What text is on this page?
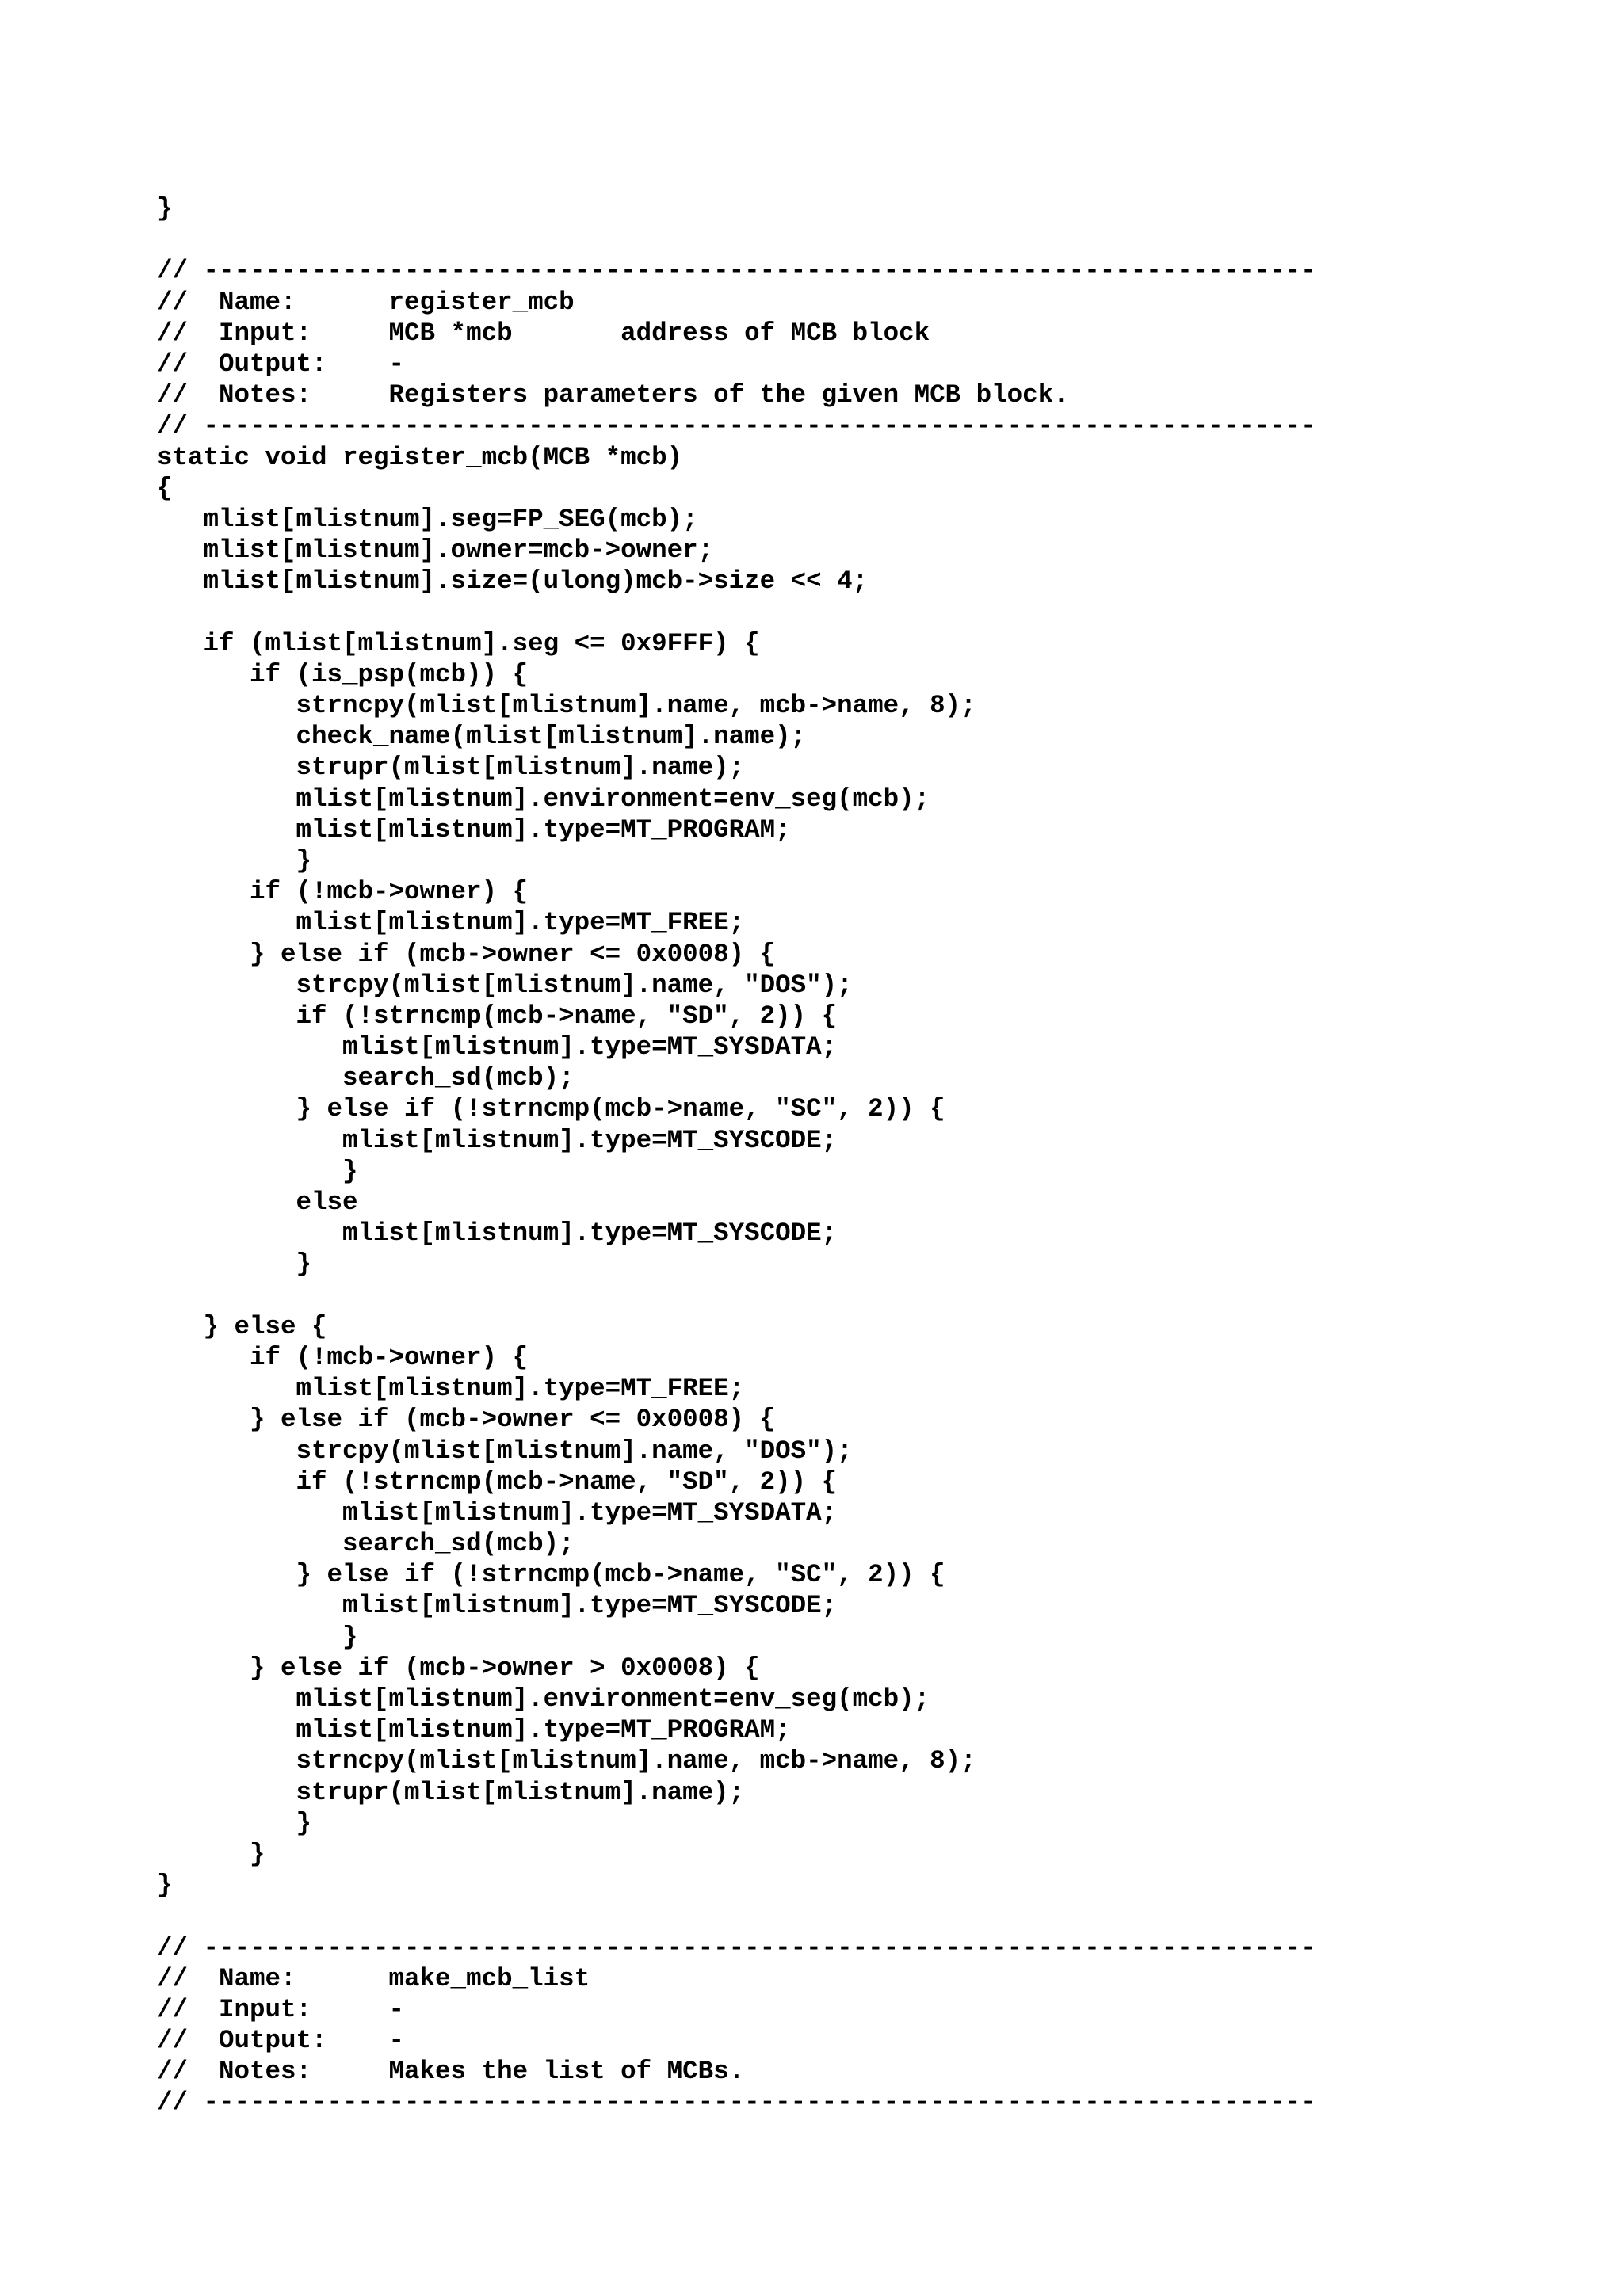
}
// ------------------------------------------------------------------------
//  Name:      register_mcb
//  Input:     MCB *mcb       address of MCB block
//  Output:    -
//  Notes:     Registers parameters of the given MCB block.
// ------------------------------------------------------------------------
static void register_mcb(MCB *mcb)
{
mlist[mlistnum].seg=FP_SEG(mcb);
mlist[mlistnum].owner=mcb->owner;
mlist[mlistnum].size=(ulong)mcb->size << 4;
if (mlist[mlistnum].seg <= 0x9FFF) {
if (is_psp(mcb)) {
strncpy(mlist[mlistnum].name, mcb->name, 8);
check_name(mlist[mlistnum].name);
strupr(mlist[mlistnum].name);
mlist[mlistnum].environment=env_seg(mcb);
mlist[mlistnum].type=MT_PROGRAM;
}
if (!mcb->owner) {
mlist[mlistnum].type=MT_FREE;
} else if (mcb->owner <= 0x0008) {
strcpy(mlist[mlistnum].name, "DOS");
if (!strncmp(mcb->name, "SD", 2)) {
mlist[mlistnum].type=MT_SYSDATA;
search_sd(mcb);
} else if (!strncmp(mcb->name, "SC", 2)) {
mlist[mlistnum].type=MT_SYSCODE;
}
else
mlist[mlistnum].type=MT_SYSCODE;
}
} else {
if (!mcb->owner) {
mlist[mlistnum].type=MT_FREE;
} else if (mcb->owner <= 0x0008) {
strcpy(mlist[mlistnum].name, "DOS");
if (!strncmp(mcb->name, "SD", 2)) {
mlist[mlistnum].type=MT_SYSDATA;
search_sd(mcb);
} else if (!strncmp(mcb->name, "SC", 2)) {
mlist[mlistnum].type=MT_SYSCODE;
}
} else if (mcb->owner > 0x0008) {
mlist[mlistnum].environment=env_seg(mcb);
mlist[mlistnum].type=MT_PROGRAM;
strncpy(mlist[mlistnum].name, mcb->name, 8);
strupr(mlist[mlistnum].name);
}
}
}
// ------------------------------------------------------------------------
//  Name:      make_mcb_list
//  Input:     -
//  Output:    -
//  Notes:     Makes the list of MCBs.
// ------------------------------------------------------------------------
